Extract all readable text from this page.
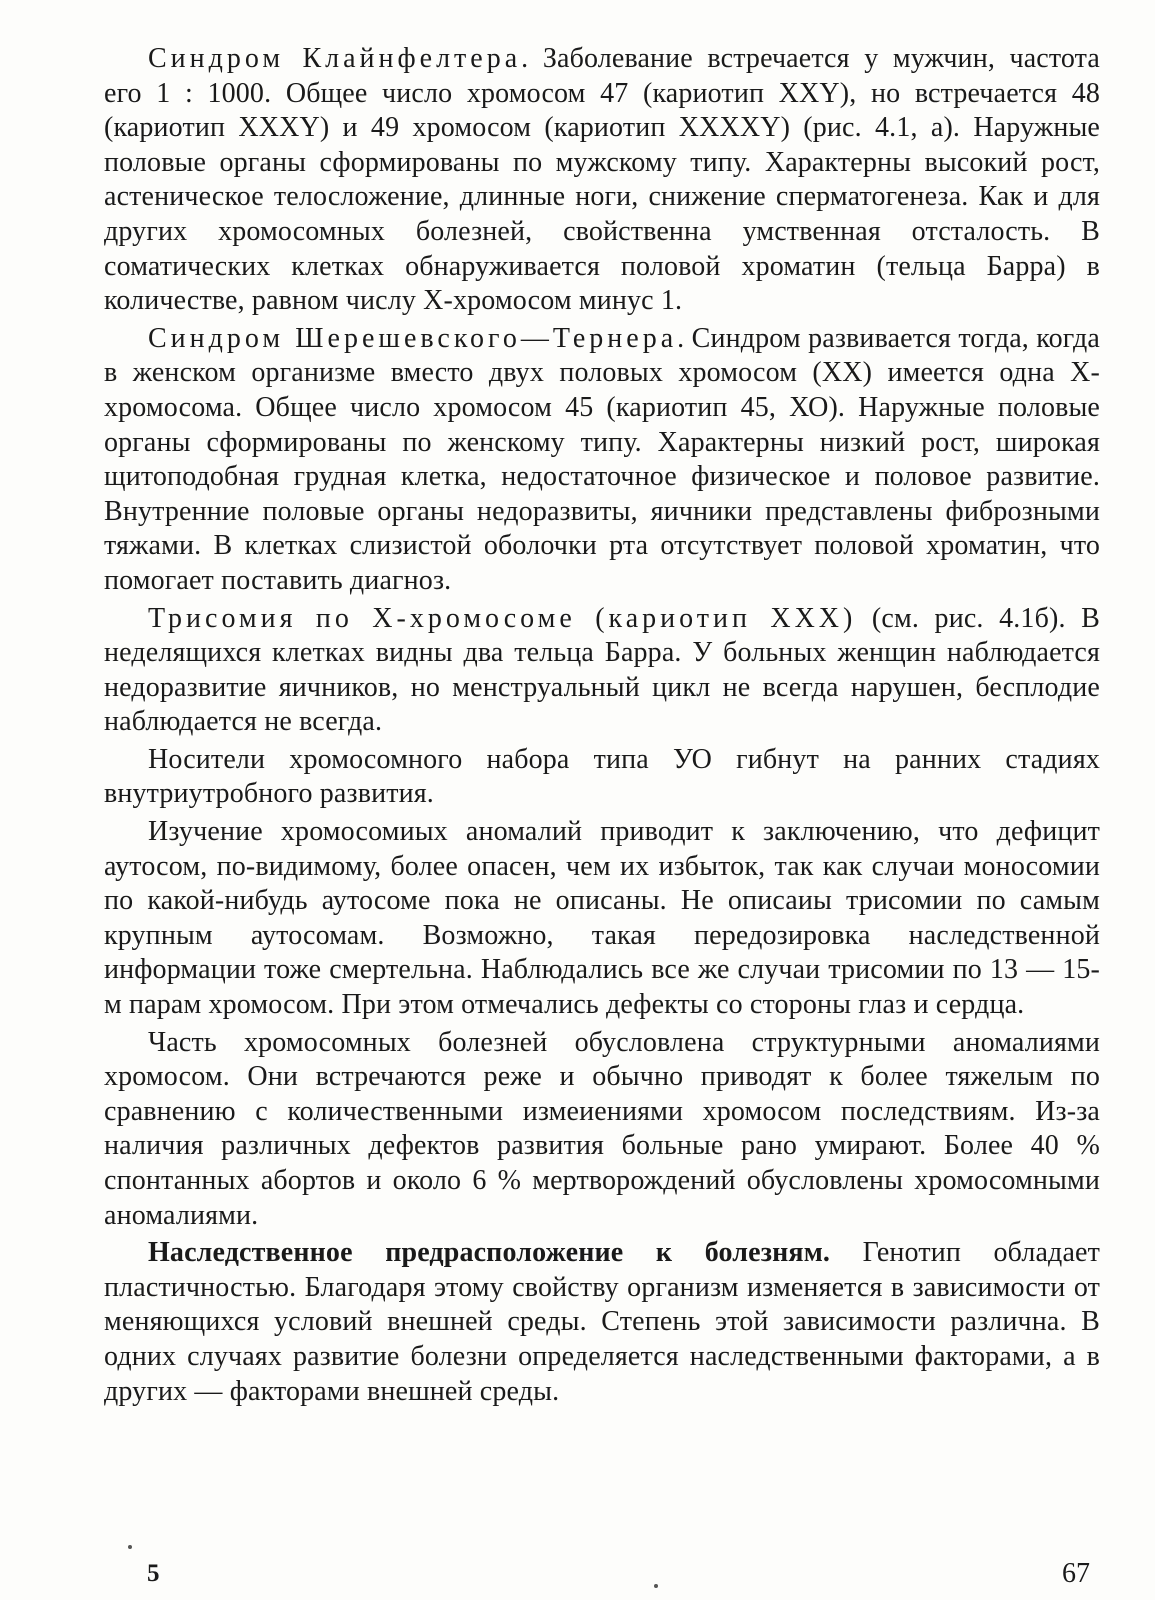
Синдром Клайнфелтера. Заболевание встречается у мужчин, частота его 1 : 1000. Общее число хромосом 47 (кариотип XXY), но встречается 48 (кариотип XXXY) и 49 хромосом (кариотип XXXXY) (рис. 4.1, а). Наружные половые органы сформированы по мужскому типу. Характерны высокий рост, астеническое телосложение, длинные ноги, снижение сперматогенеза. Как и для других хромосомных болезней, свойственна умственная отсталость. В соматических клетках обнаруживается половой хроматин (тельца Барра) в количестве, равном числу Х-хромосом минус 1.

Синдром Шерешевского—Тернера. Синдром развивается тогда, когда в женском организме вместо двух половых хромосом (XX) имеется одна Х-хромосома. Общее число хромосом 45 (кариотип 45, ХО). Наружные половые органы сформированы по женскому типу. Характерны низкий рост, широкая щитоподобная грудная клетка, недостаточное физическое и половое развитие. Внутренние половые органы недоразвиты, яичники представлены фиброзными тяжами. В клетках слизистой оболочки рта отсутствует половой хроматин, что помогает поставить диагноз.

Трисомия по Х-хромосоме (кариотип XXX) (см. рис. 4.1б). В неделящихся клетках видны два тельца Барра. У больных женщин наблюдается недоразвитие яичников, но менструальный цикл не всегда нарушен, бесплодие наблюдается не всегда.

Носители хромосомного набора типа УО гибнут на ранних стадиях внутриутробного развития.

Изучение хромосомиых аномалий приводит к заключению, что дефицит аутосом, по-видимому, более опасен, чем их избыток, так как случаи моносомии по какой-нибудь аутосоме пока не описаны. Не описаиы трисомии по самым крупным аутосомам. Возможно, такая передозировка наследственной информации тоже смертельна. Наблюдались все же случаи трисомии по 13 — 15-м парам хромосом. При этом отмечались дефекты со стороны глаз и сердца.

Часть хромосомных болезней обусловлена структурными аномалиями хромосом. Они встречаются реже и обычно приводят к более тяжелым по сравнению с количественными измеиениями хромосом последствиям. Из-за наличия различных дефектов развития больные рано умирают. Более 40 % спонтанных абортов и около 6 % мертворождений обусловлены хромосомными аномалиями.

Наследственное предрасположение к болезням. Генотип обладает пластичностью. Благодаря этому свойству организм изменяется в зависимости от меняющихся условий внешней среды. Степень этой зависимости различна. В одних случаях развитие болезни определяется наследственными факторами, а в других — факторами внешней среды.

5	67
